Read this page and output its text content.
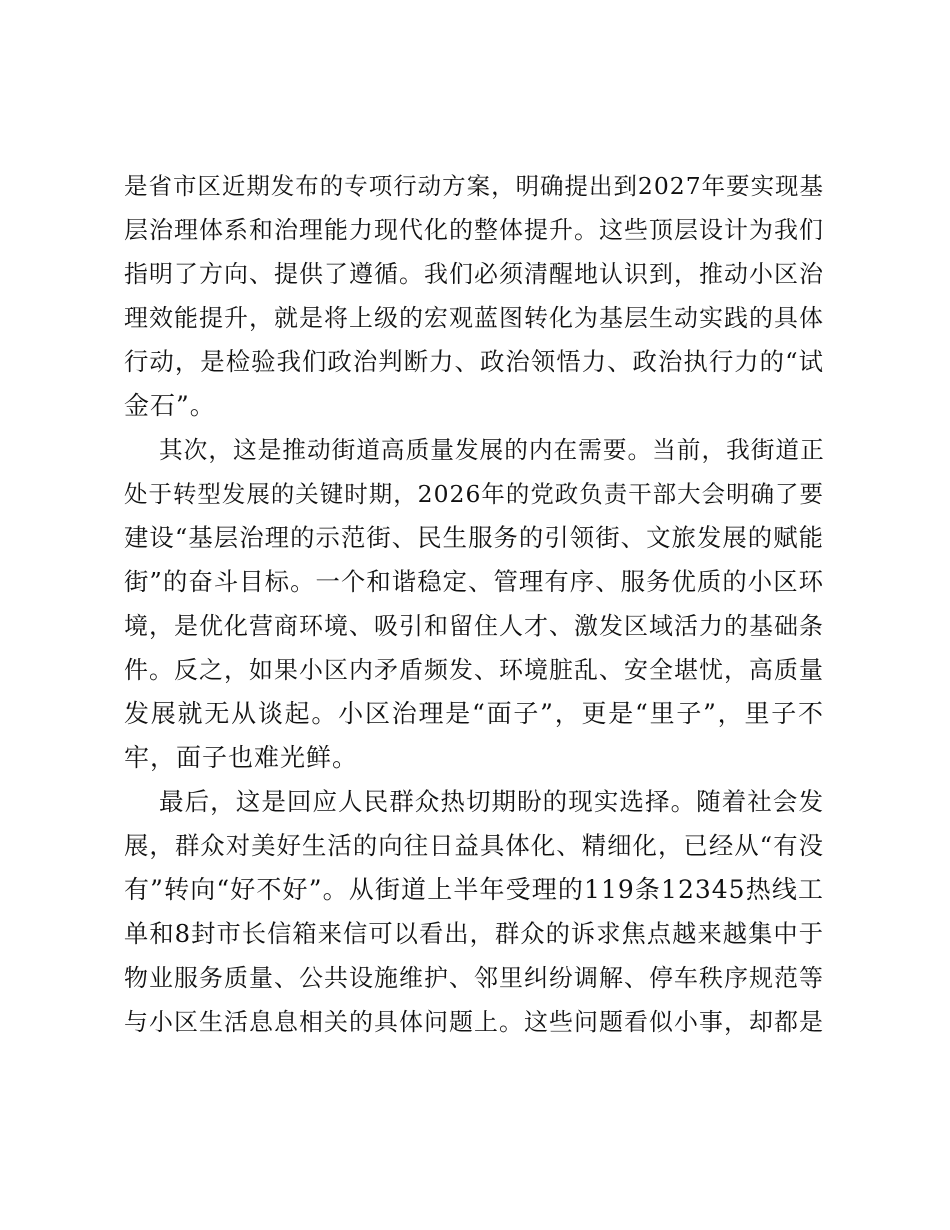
是省市区近期发布的专项行动方案，明确提出到2027年要实现基
层治理体系和治理能力现代化的整体提升。这些顶层设计为我们
指明了方向、提供了遵循。我们必须清醒地认识到，推动小区治
理效能提升，就是将上级的宏观蓝图转化为基层生动实践的具体
行动，是检验我们政治判断力、政治领悟力、政治执行力的“试
金石”。
其次，这是推动街道高质量发展的内在需要。当前，我街道正
处于转型发展的关键时期，2026年的党政负责干部大会明确了要
建设“基层治理的示范街、民生服务的引领街、文旅发展的赋能
街”的奋斗目标。一个和谐稳定、管理有序、服务优质的小区环
境，是优化营商环境、吸引和留住人才、激发区域活力的基础条
件。反之，如果小区内矛盾频发、环境脏乱、安全堪忧，高质量
发展就无从谈起。小区治理是“面子”，更是“里子”，里子不
牢，面子也难光鲜。
最后，这是回应人民群众热切期盼的现实选择。随着社会发
展，群众对美好生活的向往日益具体化、精细化，已经从“有没
有”转向“好不好”。从街道上半年受理的119条12345热线工
单和8封市长信箱来信可以看出，群众的诉求焦点越来越集中于
物业服务质量、公共设施维护、邻里纠纷调解、停车秩序规范等
与小区生活息息相关的具体问题上。这些问题看似小事，却都是
